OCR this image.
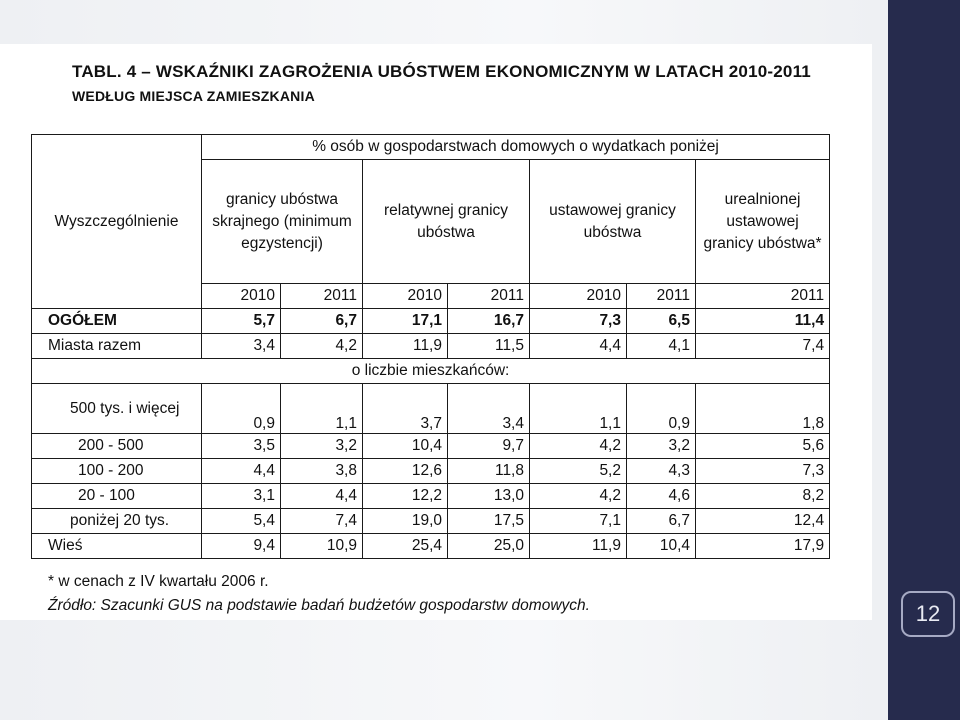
TABL. 4 – WSKAŹNIKI ZAGROŻENIA UBÓSTWEM EKONOMICZNYM W LATACH 2010-2011
WEDŁUG MIEJSCA ZAMIESZKANIA
Wyszczególnienie	% osób w gospodarstwach domowych o wydatkach poniżej						
	granicy ubóstwa skrajnego (minimum egzystencji)		relatywnej granicy ubóstwa		ustawowej granicy ubóstwa		urealnionej ustawowej granicy ubóstwa*
	2010	2011	2010	2011	2010	2011	2011
OGÓŁEM	5,7	6,7	17,1	16,7	7,3	6,5	11,4
Miasta razem	3,4	4,2	11,9	11,5	4,4	4,1	7,4
o liczbie mieszkańców:							
500 tys. i więcej	0,9	1,1	3,7	3,4	1,1	0,9	1,8
200 - 500	3,5	3,2	10,4	9,7	4,2	3,2	5,6
100 - 200	4,4	3,8	12,6	11,8	5,2	4,3	7,3
20 - 100	3,1	4,4	12,2	13,0	4,2	4,6	8,2
poniżej 20 tys.	5,4	7,4	19,0	17,5	7,1	6,7	12,4
Wieś	9,4	10,9	25,4	25,0	11,9	10,4	17,9
* w cenach z IV kwartału 2006 r.
Źródło: Szacunki GUS na podstawie badań budżetów gospodarstw domowych.	12
